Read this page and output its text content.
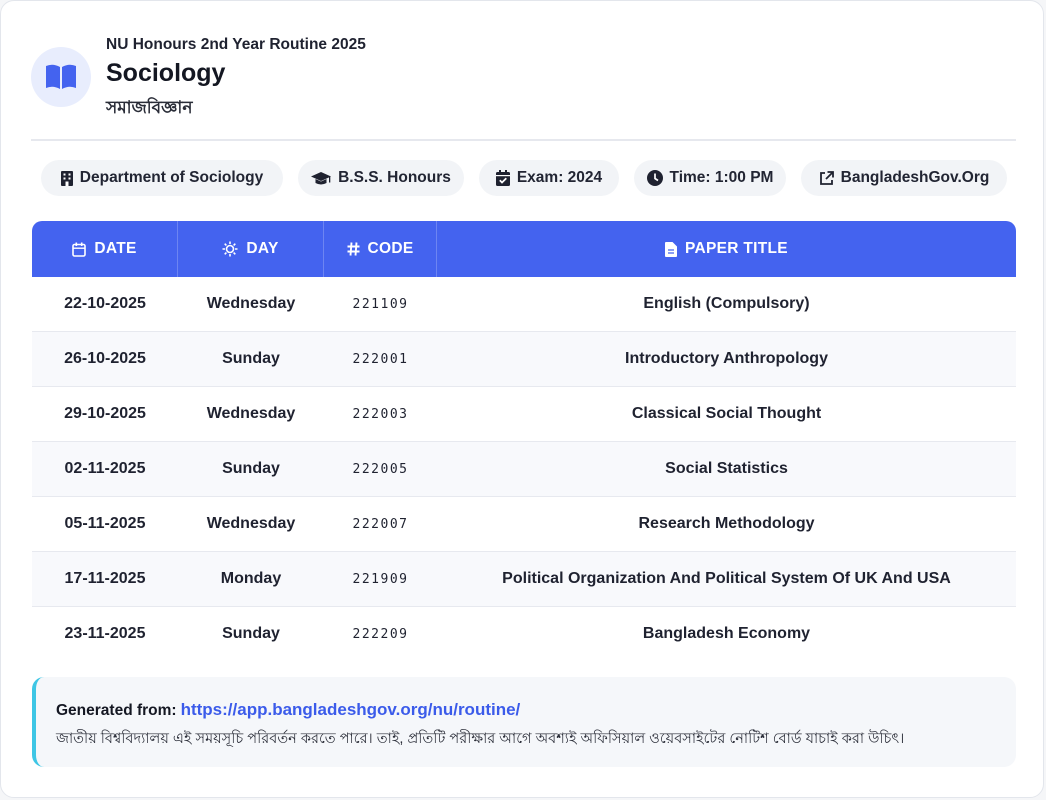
NU Honours 2nd Year Routine 2025
Sociology
সমাজবিজ্ঞান
Department of Sociology	B.S.S. Honours	Exam: 2024	Time: 1:00 PM	BangladeshGov.Org
DATE	DAY	CODE	PAPER TITLE
22-10-2025	Wednesday	221109	English (Compulsory)
26-10-2025	Sunday	222001	Introductory Anthropology
29-10-2025	Wednesday	222003	Classical Social Thought
02-11-2025	Sunday	222005	Social Statistics
05-11-2025	Wednesday	222007	Research Methodology
17-11-2025	Monday	221909	Political Organization And Political System Of UK And USA
23-11-2025	Sunday	222209	Bangladesh Economy
Generated from: https://app.bangladeshgov.org/nu/routine/
জাতীয় বিশ্ববিদ্যালয় এই সময়সূচি পরিবর্তন করতে পারে। তাই, প্রতিটি পরীক্ষার আগে অবশ্যই অফিসিয়াল ওয়েবসাইটের নোটিশ বোর্ড যাচাই করা উচিৎ।
